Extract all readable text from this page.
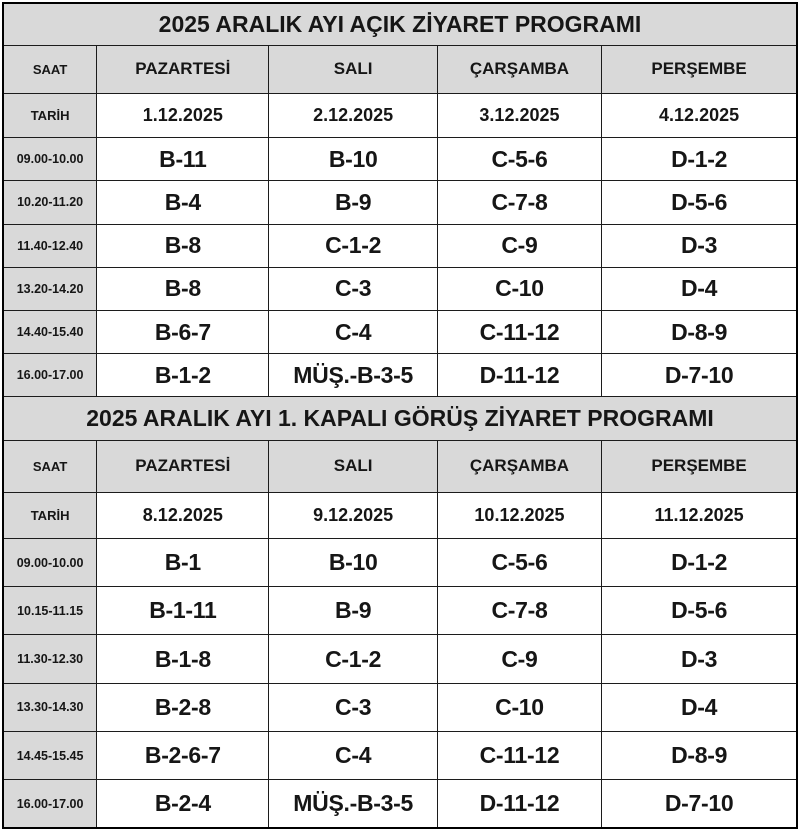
2025 ARALIK AYI AÇIK ZİYARET PROGRAMI				
SAAT	PAZARTESİ	SALI	ÇARŞAMBA	PERŞEMBE
TARİH	1.12.2025	2.12.2025	3.12.2025	4.12.2025
09.00-10.00	B-11	B-10	C-5-6	D-1-2
10.20-11.20	B-4	B-9	C-7-8	D-5-6
11.40-12.40	B-8	C-1-2	C-9	D-3
13.20-14.20	B-8	C-3	C-10	D-4
14.40-15.40	B-6-7	C-4	C-11-12	D-8-9
16.00-17.00	B-1-2	MÜŞ.-B-3-5	D-11-12	D-7-10
2025 ARALIK AYI 1. KAPALI GÖRÜŞ ZİYARET PROGRAMI				
SAAT	PAZARTESİ	SALI	ÇARŞAMBA	PERŞEMBE
TARİH	8.12.2025	9.12.2025	10.12.2025	11.12.2025
09.00-10.00	B-1	B-10	C-5-6	D-1-2
10.15-11.15	B-1-11	B-9	C-7-8	D-5-6
11.30-12.30	B-1-8	C-1-2	C-9	D-3
13.30-14.30	B-2-8	C-3	C-10	D-4
14.45-15.45	B-2-6-7	C-4	C-11-12	D-8-9
16.00-17.00	B-2-4	MÜŞ.-B-3-5	D-11-12	D-7-10
